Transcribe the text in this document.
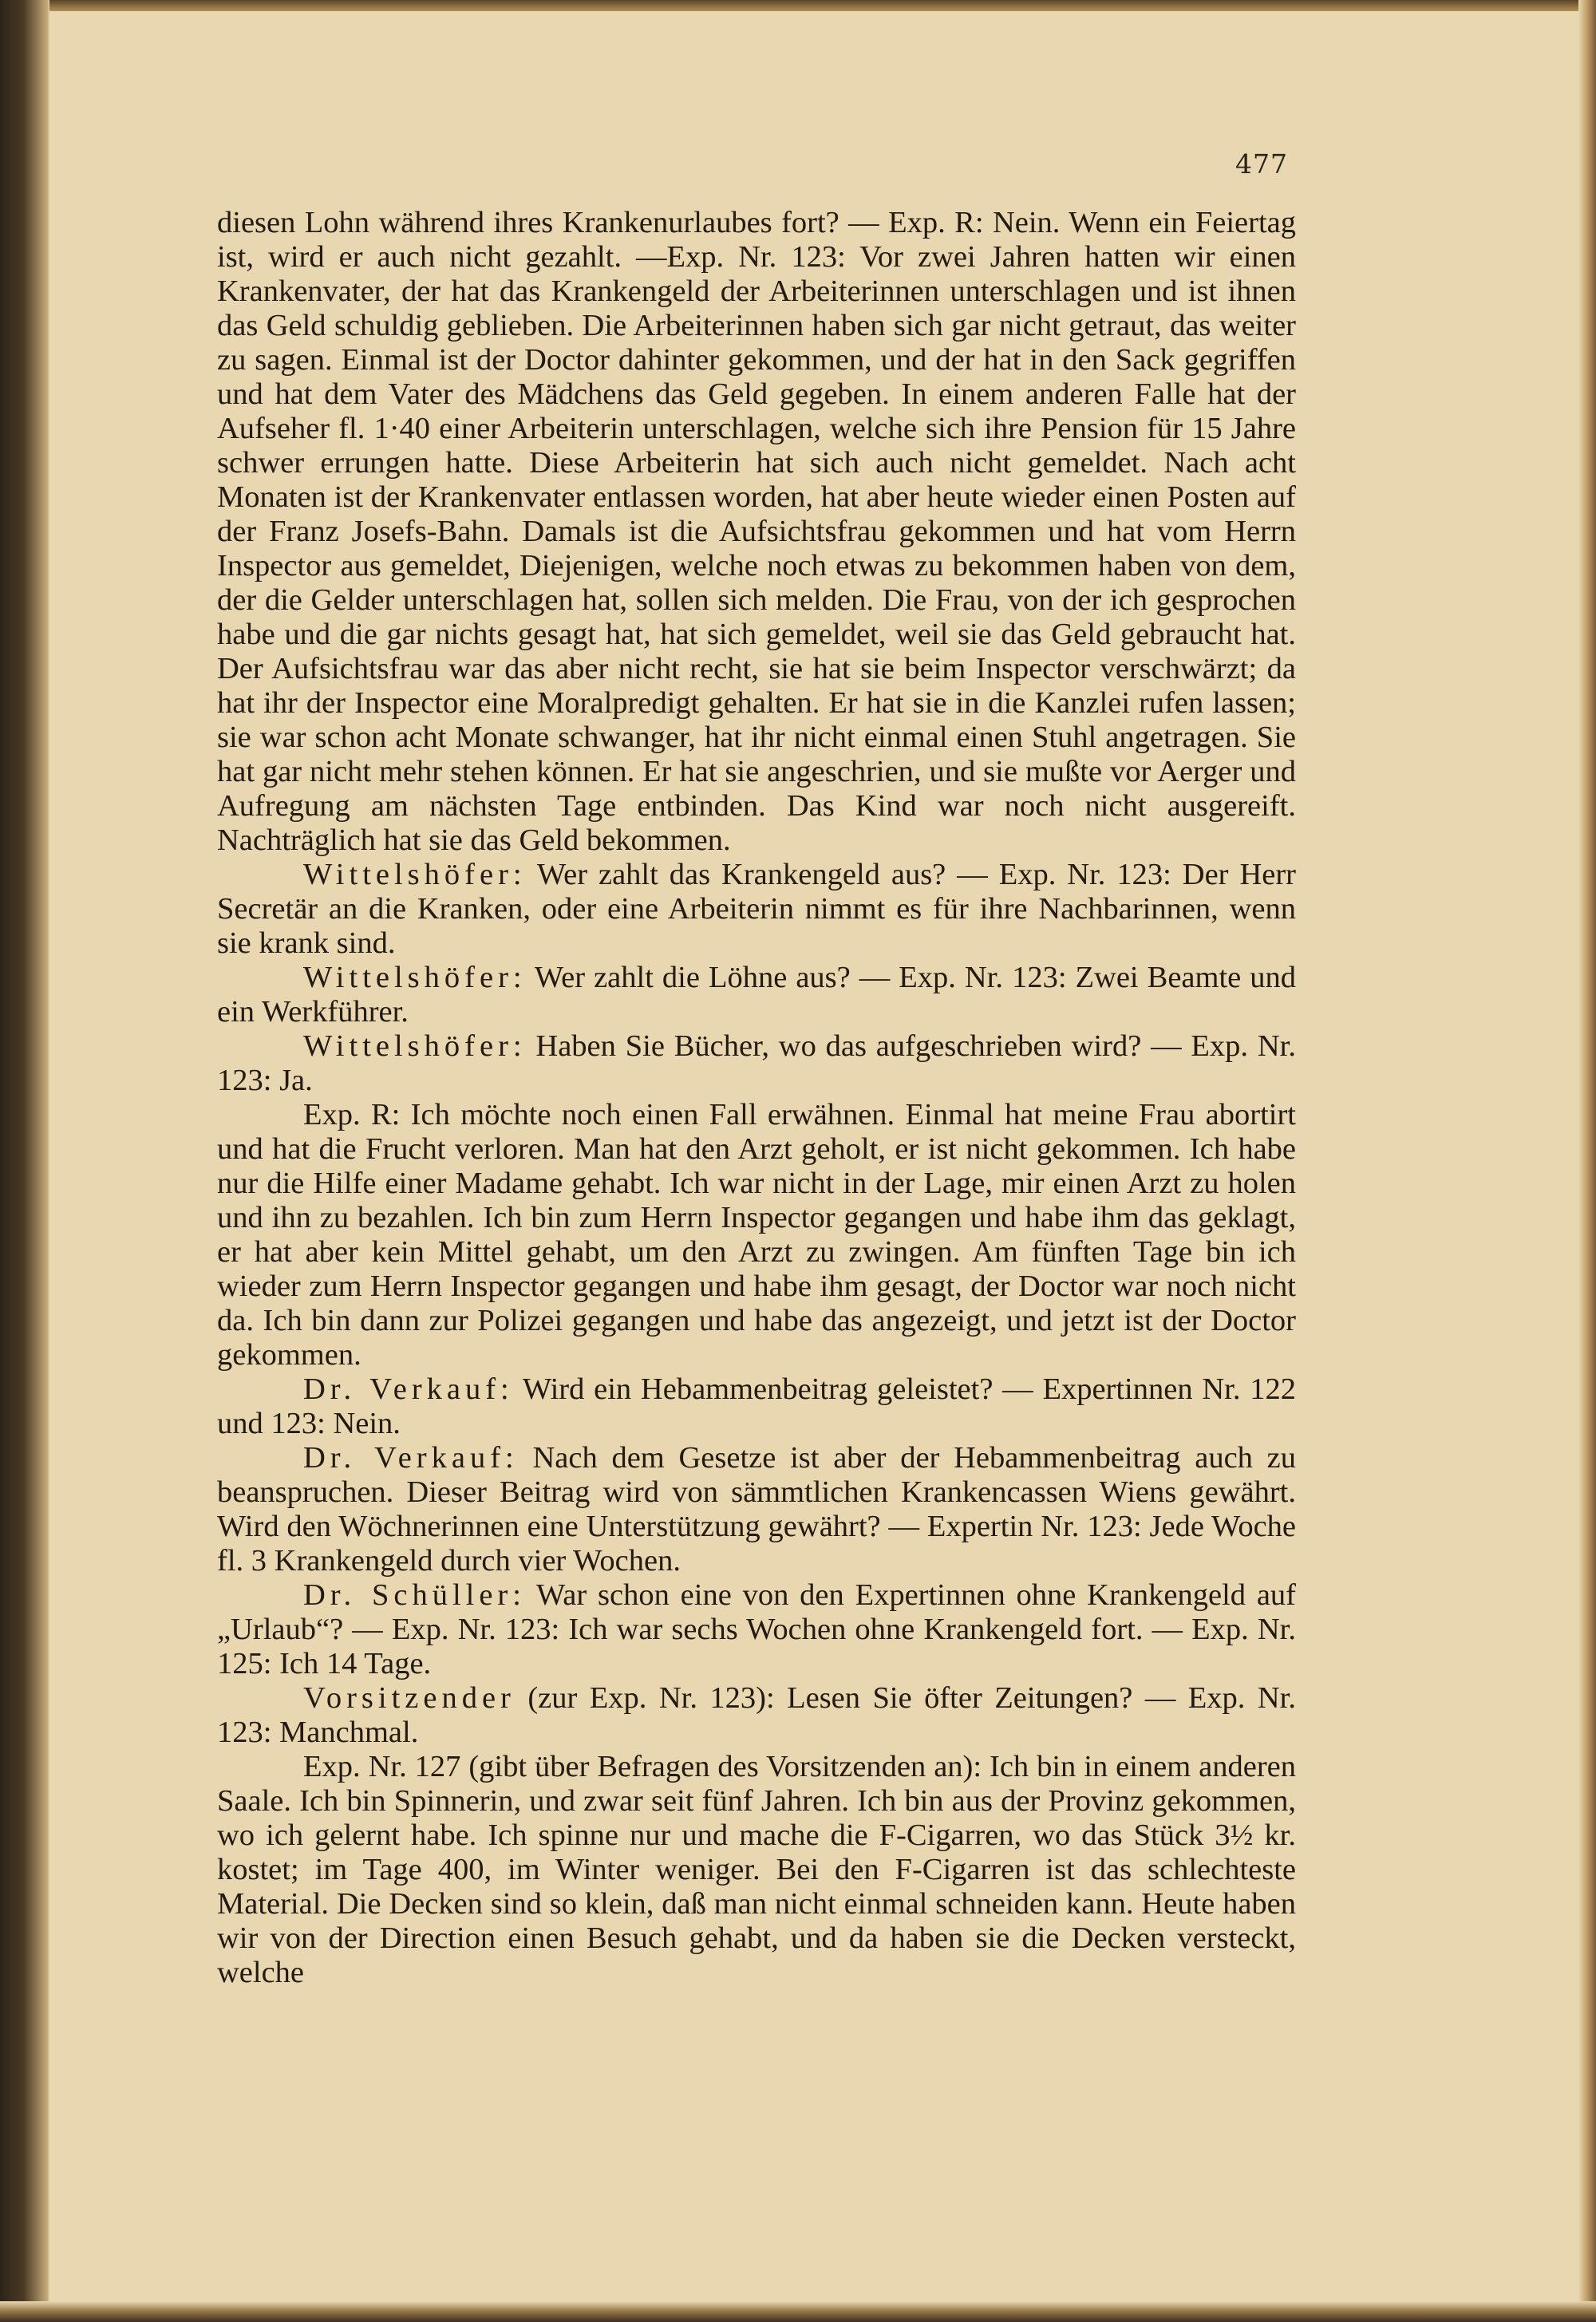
477

diesen Lohn während ihres Krankenurlaubes fort? — Exp. R: Nein. Wenn ein Feiertag ist, wird er auch nicht gezahlt. —Exp. Nr. 123: Vor zwei Jahren hatten wir einen Krankenvater, der hat das Krankengeld der Arbeiterinnen unterschlagen und ist ihnen das Geld schuldig geblieben. Die Arbeiterinnen haben sich gar nicht getraut, das weiter zu sagen. Einmal ist der Doctor dahinter gekommen, und der hat in den Sack gegriffen und hat dem Vater des Mädchens das Geld gegeben. In einem anderen Falle hat der Aufseher fl. 1·40 einer Arbeiterin unterschlagen, welche sich ihre Pension für 15 Jahre schwer errungen hatte. Diese Arbeiterin hat sich auch nicht gemeldet. Nach acht Monaten ist der Krankenvater entlassen worden, hat aber heute wieder einen Posten auf der Franz Josefs-Bahn. Damals ist die Aufsichtsfrau gekommen und hat vom Herrn Inspector aus gemeldet, Diejenigen, welche noch etwas zu bekommen haben von dem, der die Gelder unterschlagen hat, sollen sich melden. Die Frau, von der ich gesprochen habe und die gar nichts gesagt hat, hat sich gemeldet, weil sie das Geld gebraucht hat. Der Aufsichtsfrau war das aber nicht recht, sie hat sie beim Inspector verschwärzt; da hat ihr der Inspector eine Moralpredigt gehalten. Er hat sie in die Kanzlei rufen lassen; sie war schon acht Monate schwanger, hat ihr nicht einmal einen Stuhl angetragen. Sie hat gar nicht mehr stehen können. Er hat sie angeschrien, und sie mußte vor Aerger und Aufregung am nächsten Tage entbinden. Das Kind war noch nicht ausgereift. Nachträglich hat sie das Geld bekommen.

Wittelshöfer: Wer zahlt das Krankengeld aus? — Exp. Nr. 123: Der Herr Secretär an die Kranken, oder eine Arbeiterin nimmt es für ihre Nachbarinnen, wenn sie krank sind.

Wittelshöfer: Wer zahlt die Löhne aus? — Exp. Nr. 123: Zwei Beamte und ein Werkführer.

Wittelshöfer: Haben Sie Bücher, wo das aufgeschrieben wird? — Exp. Nr. 123: Ja.

Exp. R: Ich möchte noch einen Fall erwähnen. Einmal hat meine Frau abortirt und hat die Frucht verloren. Man hat den Arzt geholt, er ist nicht gekommen. Ich habe nur die Hilfe einer Madame gehabt. Ich war nicht in der Lage, mir einen Arzt zu holen und ihn zu bezahlen. Ich bin zum Herrn Inspector gegangen und habe ihm das geklagt, er hat aber kein Mittel gehabt, um den Arzt zu zwingen. Am fünften Tage bin ich wieder zum Herrn Inspector gegangen und habe ihm gesagt, der Doctor war noch nicht da. Ich bin dann zur Polizei gegangen und habe das angezeigt, und jetzt ist der Doctor gekommen.

Dr. Verkauf: Wird ein Hebammenbeitrag geleistet? — Expertinnen Nr. 122 und 123: Nein.

Dr. Verkauf: Nach dem Gesetze ist aber der Hebammenbeitrag auch zu beanspruchen. Dieser Beitrag wird von sämmtlichen Krankencassen Wiens gewährt. Wird den Wöchnerinnen eine Unterstützung gewährt? — Expertin Nr. 123: Jede Woche fl. 3 Krankengeld durch vier Wochen.

Dr. Schüller: War schon eine von den Expertinnen ohne Krankengeld auf „Urlaub“? — Exp. Nr. 123: Ich war sechs Wochen ohne Krankengeld fort. — Exp. Nr. 125: Ich 14 Tage.

Vorsitzender (zur Exp. Nr. 123): Lesen Sie öfter Zeitungen? — Exp. Nr. 123: Manchmal.

Exp. Nr. 127 (gibt über Befragen des Vorsitzenden an): Ich bin in einem anderen Saale. Ich bin Spinnerin, und zwar seit fünf Jahren. Ich bin aus der Provinz gekommen, wo ich gelernt habe. Ich spinne nur und mache die F-Cigarren, wo das Stück 3½ kr. kostet; im Tage 400, im Winter weniger. Bei den F-Cigarren ist das schlechteste Material. Die Decken sind so klein, daß man nicht einmal schneiden kann. Heute haben wir von der Direction einen Besuch gehabt, und da haben sie die Decken versteckt, welche
